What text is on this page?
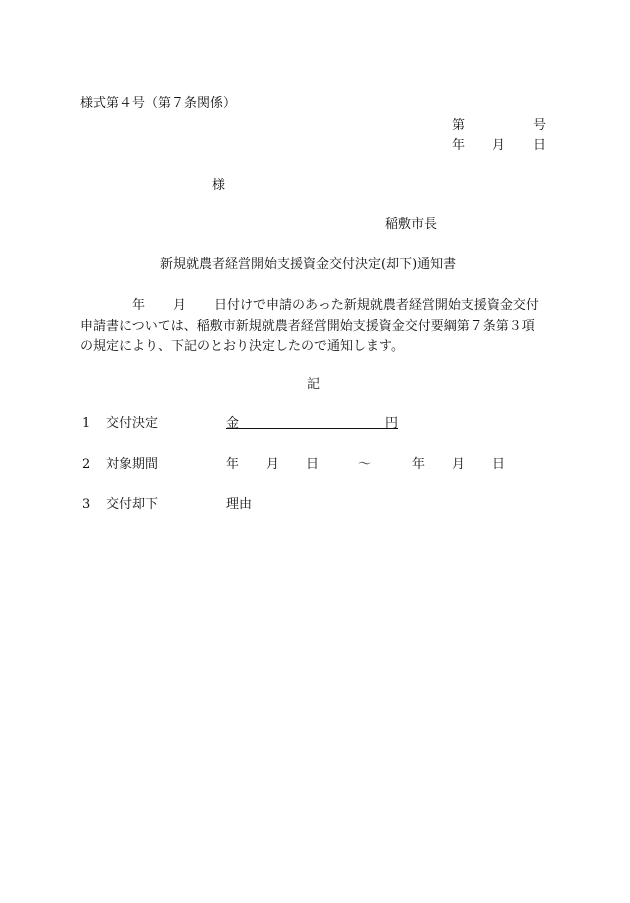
様式第４号（第７条関係）
第	号
年 月 日
様
稲敷市長
新規就農者経営開始支援資金交付決定(却下)通知書
年 月 日付けで申請のあった新規就農者経営開始支援資金交付
申請書については、稲敷市新規就農者経営開始支援資金交付要綱第７条第３項
の規定により、下記のとおり決定したので通知します。
記
1 交付決定	金	円
2 対象期間	年 月 日	～	年 月 日
3 交付却下	理由
